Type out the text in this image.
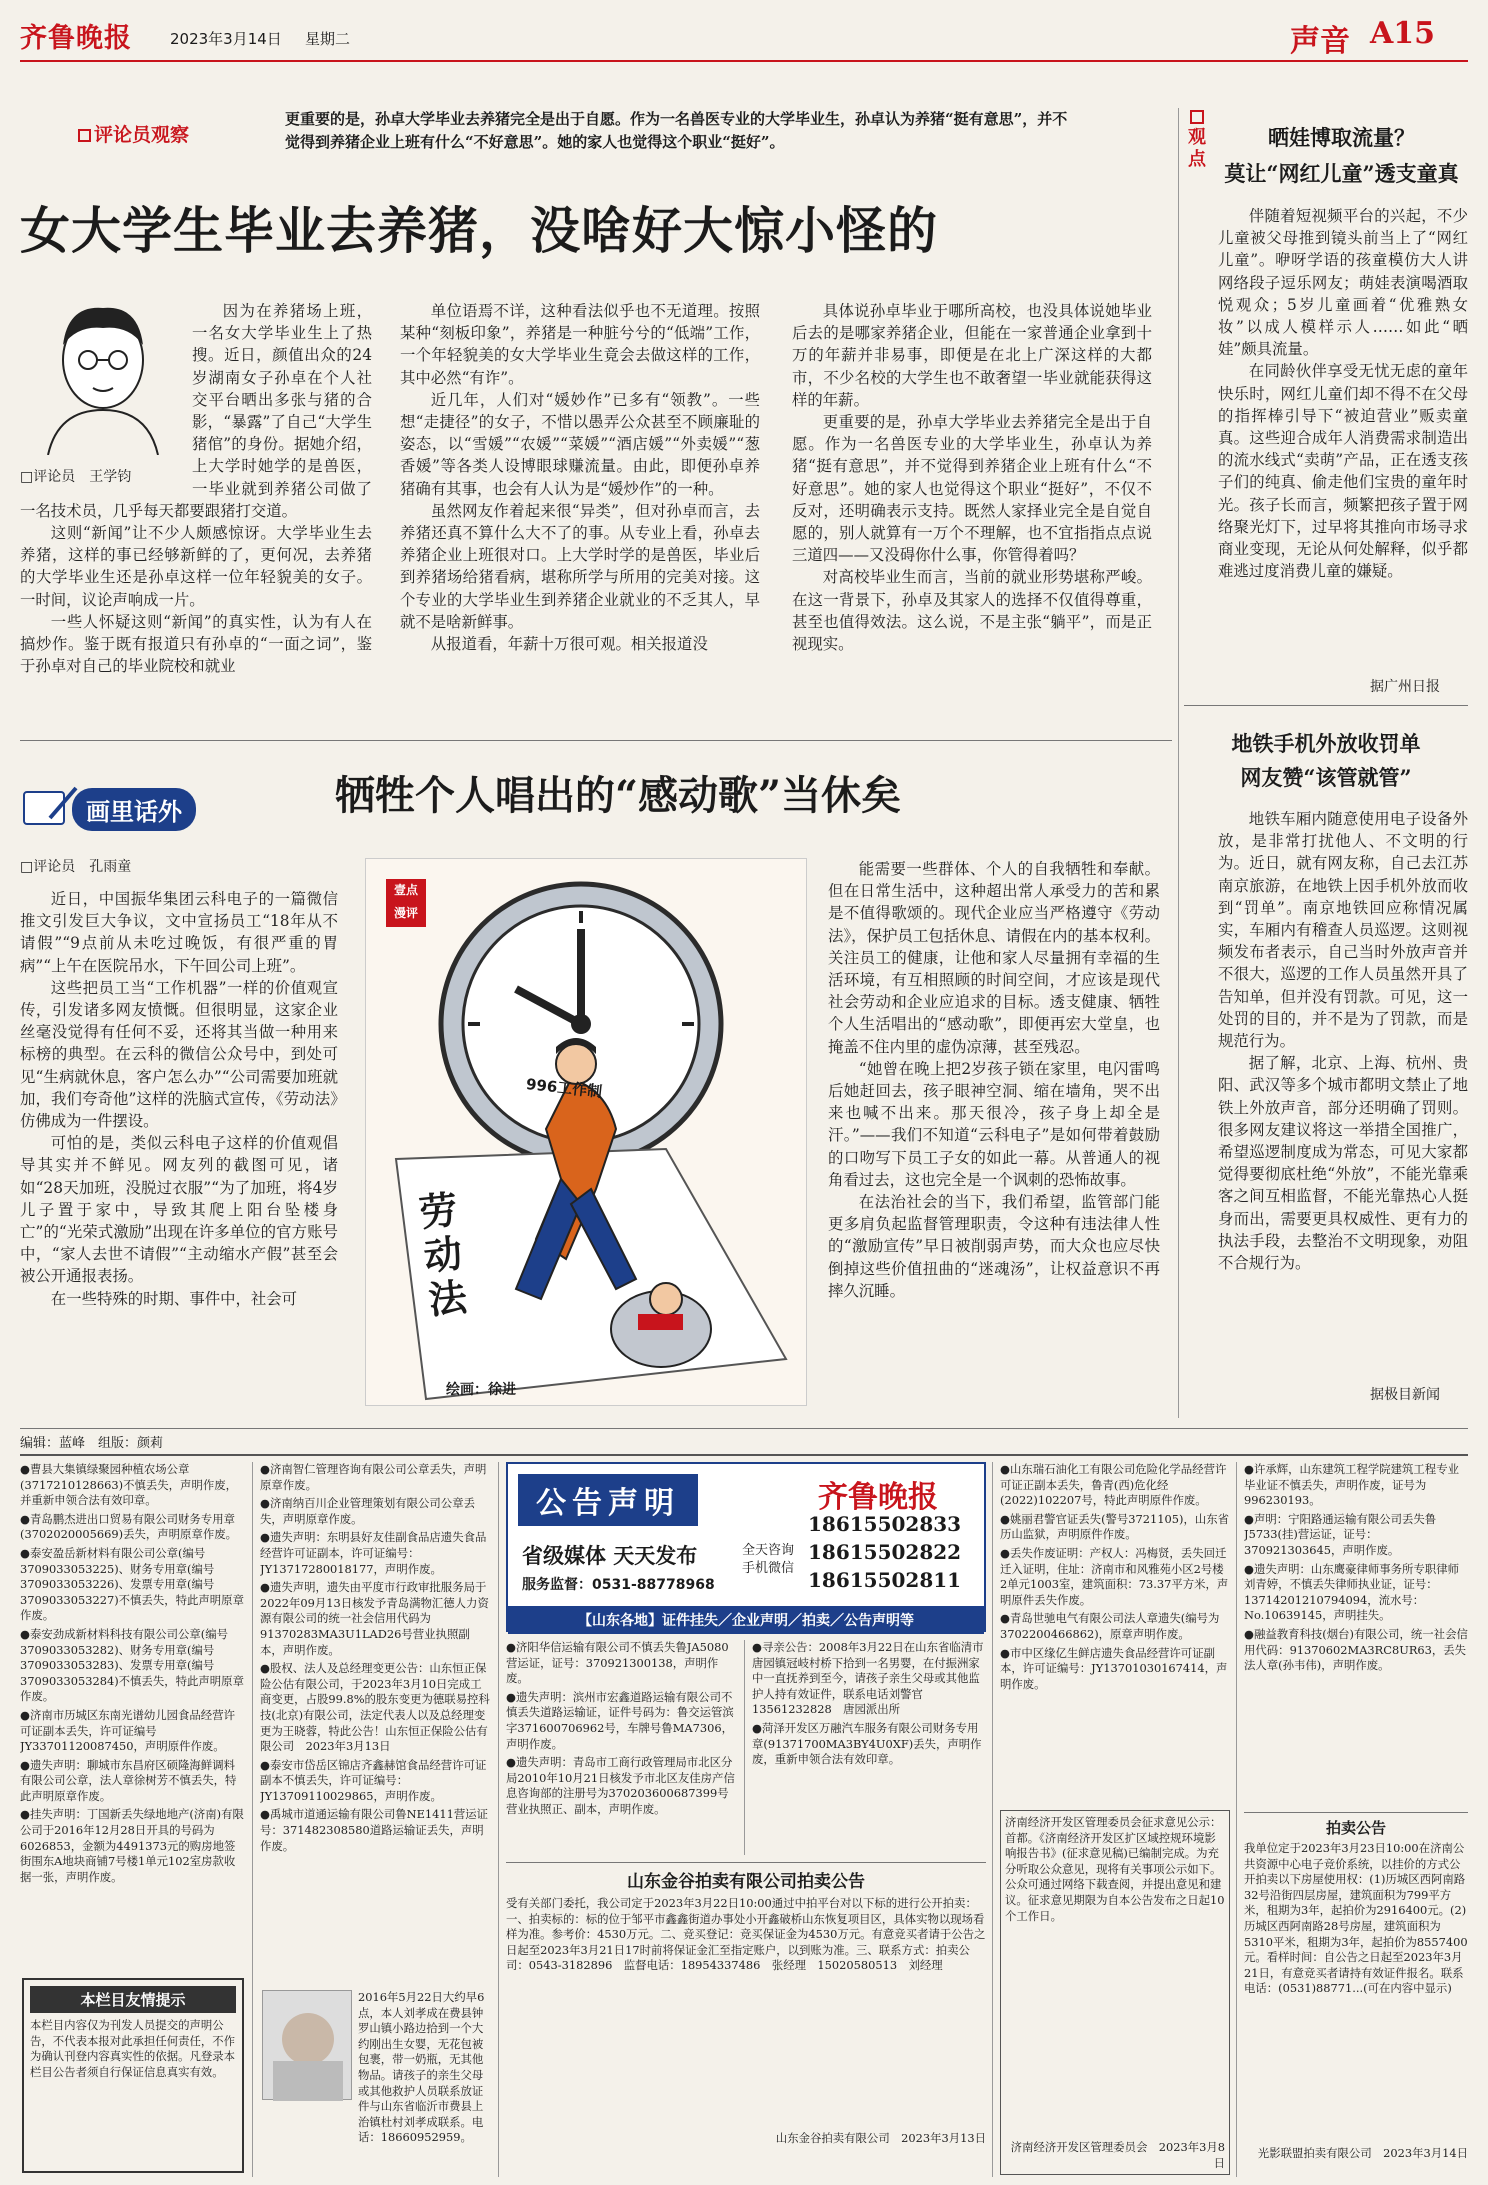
齐鲁晚报	2023年3月14日 星期二	声音 A15
评论员观察
更重要的是，孙卓大学毕业去养猪完全是出于自愿。作为一名兽医专业的大学毕业生，孙卓认为养猪“挺有意思”，并不觉得到养猪企业上班有什么“不好意思”。她的家人也觉得这个职业“挺好”。
女大学生毕业去养猪，没啥好大惊小怪的
□评论员　王学钧

因为在养猪场上班，一名女大学毕业生上了热搜。近日，颜值出众的24岁湖南女子孙卓在个人社交平台晒出多张与猪的合影，“暴露”了自己“大学生猪倌”的身份。据她介绍，上大学时她学的是兽医，一毕业就到养猪公司做了一名技术员，几乎每天都要跟猪打交道。

这则“新闻”让不少人颇感惊讶。大学毕业生去养猪，这样的事已经够新鲜的了，更何况，去养猪的大学毕业生还是孙卓这样一位年轻貌美的女子。一时间，议论声响成一片。

一些人怀疑这则“新闻”的真实性，认为有人在搞炒作。鉴于既有报道只有孙卓的“一面之词”，鉴于孙卓对自己的毕业院校和就业

单位语焉不详，这种看法似乎也不无道理。按照某种“刻板印象”，养猪是一种脏兮兮的“低端”工作，一个年轻貌美的女大学毕业生竟会去做这样的工作，其中必然“有诈”。

近几年，人们对“媛妙作”已多有“领教”。一些想“走捷径”的女子，不惜以愚弄公众甚至不顾廉耻的姿态，以“雪媛”“农媛”“菜媛”“酒店媛”“外卖媛”“葱香媛”等各类人设博眼球赚流量。由此，即便孙卓养猪确有其事，也会有人认为是“媛炒作”的一种。

虽然网友作着起来很“异类”，但对孙卓而言，去养猪还真不算什么大不了的事。从专业上看，孙卓去养猪企业上班很对口。上大学时学的是兽医，毕业后到养猪场给猪看病，堪称所学与所用的完美对接。这个专业的大学毕业生到养猪企业就业的不乏其人，早就不是啥新鲜事。

从报道看，年薪十万很可观。相关报道没

具体说孙卓毕业于哪所高校，也没具体说她毕业后去的是哪家养猪企业，但能在一家普通企业拿到十万的年薪并非易事，即便是在北上广深这样的大都市，不少名校的大学生也不敢奢望一毕业就能获得这样的年薪。

更重要的是，孙卓大学毕业去养猪完全是出于自愿。作为一名兽医专业的大学毕业生，孙卓认为养猪“挺有意思”，并不觉得到养猪企业上班有什么“不好意思”。她的家人也觉得这个职业“挺好”，不仅不反对，还明确表示支持。既然人家择业完全是自觉自愿的，别人就算有一万个不理解，也不宜指指点点说三道四——又没碍你什么事，你管得着吗？

对高校毕业生而言，当前的就业形势堪称严峻。在这一背景下，孙卓及其家人的选择不仅值得尊重，甚至也值得效法。这么说，不是主张“躺平”，而是正视现实。

观点
晒娃博取流量？
莫让“网红儿童”透支童真

伴随着短视频平台的兴起，不少儿童被父母推到镜头前当上了“网红儿童”。咿呀学语的孩童模仿大人讲网络段子逗乐网友；萌娃表演喝酒取悦观众；5岁儿童画着“优雅熟女妆”以成人模样示人……如此“晒娃”颇具流量。

在同龄伙伴享受无忧无虑的童年快乐时，网红儿童们却不得不在父母的指挥棒引导下“被迫营业”贩卖童真。这些迎合成年人消费需求制造出的流水线式“卖萌”产品，正在透支孩子们的纯真、偷走他们宝贵的童年时光。孩子长而言，频繁把孩子置于网络聚光灯下，过早将其推向市场寻求商业变现，无论从何处解释，似乎都难逃过度消费儿童的嫌疑。

据广州日报
地铁手机外放收罚单
网友赞“该管就管”

地铁车厢内随意使用电子设备外放，是非常打扰他人、不文明的行为。近日，就有网友称，自己去江苏南京旅游，在地铁上因手机外放而收到“罚单”。南京地铁回应称情况属实，车厢内有稽查人员巡逻。这则视频发布者表示，自己当时外放声音并不很大，巡逻的工作人员虽然开具了告知单，但并没有罚款。可见，这一处罚的目的，并不是为了罚款，而是规范行为。

据了解，北京、上海、杭州、贵阳、武汉等多个城市都明文禁止了地铁上外放声音，部分还明确了罚则。很多网友建议将这一举措全国推广，希望巡逻制度成为常态，可见大家都觉得要彻底杜绝“外放”，不能光靠乘客之间互相监督，不能光靠热心人挺身而出，需要更具权威性、更有力的执法手段，去整治不文明现象，劝阻不合规行为。

据极目新闻
画里话外	牺牲个人唱出的“感动歌”当休矣
□评论员　孔雨童

近日，中国振华集团云科电子的一篇微信推文引发巨大争议，文中宣扬员工“18年从不请假”“9点前从未吃过晚饭，有很严重的胃病”“上午在医院吊水，下午回公司上班”。

这些把员工当“工作机器”一样的价值观宣传，引发诸多网友愤慨。但很明显，这家企业丝毫没觉得有任何不妥，还将其当做一种用来标榜的典型。在云科的微信公众号中，到处可见“生病就休息，客户怎么办”“公司需要加班就加，我们夸奇他”这样的洗脑式宣传，《劳动法》仿佛成为一件摆设。

可怕的是，类似云科电子这样的价值观倡导其实并不鲜见。网友列的截图可见，诸如“28天加班，没脱过衣服”“为了加班，将4岁儿子置于家中，导致其爬上阳台坠楼身亡”的“光荣式激励”出现在许多单位的官方账号中，“家人去世不请假”“主动缩水产假”甚至会被公开通报表扬。

在一些特殊的时期、事件中，社会可

壹点
漫评
996工作制
劳动法
绘画：徐进

能需要一些群体、个人的自我牺牲和奉献。但在日常生活中，这种超出常人承受力的苦和累是不值得歌颂的。现代企业应当严格遵守《劳动法》，保护员工包括休息、请假在内的基本权利。关注员工的健康，让他和家人尽量拥有幸福的生活环境，有互相照顾的时间空间，才应该是现代社会劳动和企业应追求的目标。透支健康、牺牲个人生活唱出的“感动歌”，即便再宏大堂皇，也掩盖不住内里的虚伪凉薄，甚至残忍。

“她曾在晚上把2岁孩子锁在家里，电闪雷鸣后她赶回去，孩子眼神空洞、缩在墙角，哭不出来也喊不出来。那天很冷，孩子身上却全是汗。”——我们不知道“云科电子”是如何带着鼓励的口吻写下员工子女的如此一幕。从普通人的视角看过去，这也完全是一个讽刺的恐怖故事。

在法治社会的当下，我们希望，监管部门能更多肩负起监督管理职责，令这种有违法律人性的“激励宣传”早日被削弱声势，而大众也应尽快倒掉这些价值扭曲的“迷魂汤”，让权益意识不再摔久沉睡。

编辑：蓝峰　组版：颜莉

●曹县大集镇绿聚园种植农场公章(3717210128663)不慎丢失，声明作废，并重新申领合法有效印章。

●青岛鹏杰进出口贸易有限公司财务专用章(3702020005669)丢失，声明原章作废。

●泰安盈岳新材料有限公司公章(编号3709033053225)、财务专用章(编号3709033053226)、发票专用章(编号3709033053227)不慎丢失，特此声明原章作废。

●泰安劲成新材料科技有限公司公章(编号3709033053282)、财务专用章(编号3709033053283)、发票专用章(编号3709033053284)不慎丢失，特此声明原章作废。

●济南市历城区东南光谱幼儿园食品经营许可证副本丢失，许可证编号JY33701120087450，声明原件作废。

●遗失声明：聊城市东昌府区硕隆海鲜调料有限公司公章，法人章徐树芳不慎丢失，特此声明原章作废。

●挂失声明：丁国新丢失绿地地产(济南)有限公司于2016年12月28日开具的号码为6026853，金额为4491373元的购房地签街围东A地块商铺7号楼1单元102室房款收据一张，声明作废。

本栏目友情提示
本栏目内容仅为刊发人员提交的声明公告，不代表本报对此承担任何责任，不作为确认刊登内容真实性的依据。凡登录本栏目公告者须自行保证信息真实有效。

●济南智仁管理咨询有限公司公章丢失，声明原章作废。

●济南纳百川企业管理策划有限公司公章丢失，声明原章作废。

●遗失声明：东明县好友佳副食品店遗失食品经营许可证副本，许可证编号：JY13717280018177，声明作废。

●遗失声明，遗失由平度市行政审批服务局于2022年09月13日核发予青岛满物汇德人力资源有限公司的统一社会信用代码为91370283MA3U1LAD26号营业执照副本，声明作废。

●股权、法人及总经理变更公告：山东恒正保险公估有限公司，于2023年3月10日完成工商变更，占股99.8%的股东变更为德联易控科技(北京)有限公司，法定代表人以及总经理变更为王晓蓉，特此公告！山东恒正保险公估有限公司　2023年3月13日

●泰安市岱岳区锦店齐鑫赫馆食品经营许可证副本不慎丢失，许可证编号：JY13709110029865，声明作废。

●禹城市道通运输有限公司鲁NE1411营运证号：371482308580道路运输证丢失，声明作废。

2016年5月22日大约早6点，本人刘孝成在费县钟罗山镇小路边拾到一个大约刚出生女婴，无花包被包裹，带一奶瓶，无其他物品。请孩子的亲生父母或其他救护人员联系放证件与山东省临沂市费县上治镇杜村刘孝成联系。电话：18660952959。
公告声明	齐鲁晚报
省级媒体 天天发布
服务监督：0531-88778968
全天咨询 手机微信
18615502833
18615502822
18615502811
【山东各地】证件挂失／企业声明／拍卖／公告声明等

●济阳华信运输有限公司不慎丢失鲁JA5080营运证，证号：370921300138，声明作废。

●遗失声明：滨州市宏鑫道路运输有限公司不慎丢失道路运输证，证件号码为：鲁交运管滨字371600706962号，车牌号鲁MA7306，声明作废。

●遗失声明：青岛市工商行政管理局市北区分局2010年10月21日核发予市北区友佳房产信息咨询部的注册号为370203600687399号营业执照正、副本，声明作废。

●寻亲公告：2008年3月22日在山东省临清市唐园镇冠岐村桥下拾到一名男婴，在付振洲家中一直抚养到至今，请孩子亲生父母或其他监护人持有效证件，联系电话刘警官13561232828　唐园派出所

●菏泽开发区万融汽车服务有限公司财务专用章(91371700MA3BY4U0XF)丢失，声明作废，重新申领合法有效印章。

山东金谷拍卖有限公司拍卖公告
受有关部门委托，我公司定于2023年3月22日10:00通过中拍平台对以下标的进行公开拍卖：一、拍卖标的：标的位于邹平市鑫鑫街道办事处小开鑫破桥山东恢复项目区，具体实物以现场看样为准。参考价：4530万元。二、竞买登记：竞买保证金为4530万元。有意竞买者请于公告之日起至2023年3月21日17时前将保证金汇至指定账户，以到账为准。三、联系方式：拍卖公司：0543-3182896　监督电话：18954337486　张经理　15020580513　刘经理
山东金谷拍卖有限公司　2023年3月13日

●山东瑞石油化工有限公司危险化学品经营许可证正副本丢失，鲁青(西)危化经(2022)102207号，特此声明原件作废。

●姚丽君警官证丢失(警号3721105)，山东省历山监狱，声明原件作废。

●丢失作废证明：产权人：冯梅贤，丢失回迁迁入证明，住址：济南市和风雅苑小区2号楼2单元1003室，建筑面积：73.37平方米，声明原件丢失作废。

●青岛世驰电气有限公司法人章遗失(编号为3702200466862)，原章声明作废。

●市中区缘亿生鲜店遗失食品经营许可证副本，许可证编号：JY13701030167414，声明作废。

济南经济开发区管理委员会征求意见公示：首都。《济南经济开发区扩区域控规环境影响报告书》(征求意见稿)已编制完成。为充分听取公众意见，现将有关事项公示如下。公众可通过网络下载查阅，并提出意见和建议。征求意见期限为自本公告发布之日起10个工作日。
济南经济开发区管理委员会　2023年3月8日

●许承辉，山东建筑工程学院建筑工程专业毕业证不慎丢失，声明作废，证号为996230193。

●声明：宁阳路通运输有限公司丢失鲁J5733(挂)营运证，证号：370921303645，声明作废。

●遗失声明：山东鹰豪律师事务所专职律师刘青婷，不慎丢失律师执业证，证号：13714201210794094，流水号：No.10639145，声明挂失。

●融益教育科技(烟台)有限公司，统一社会信用代码：91370602MA3RC8UR63，丢失法人章(孙韦伟)，声明作废。

拍卖公告
我单位定于2023年3月23日10:00在济南公共资源中心电子竞价系统，以挂价的方式公开拍卖以下房屋使用权：(1)历城区西阿南路32号沿街四层房屋，建筑面积为799平方米，租期为3年，起拍价为2916400元。(2)历城区西阿南路28号房屋，建筑面积为5310平米，租期为3年，起拍价为8557400元。看样时间：自公告之日起至2023年3月21日，有意竞买者请持有效证件报名。联系电话：(0531)88771...(可在内容中显示)
光影联盟拍卖有限公司　2023年3月14日
